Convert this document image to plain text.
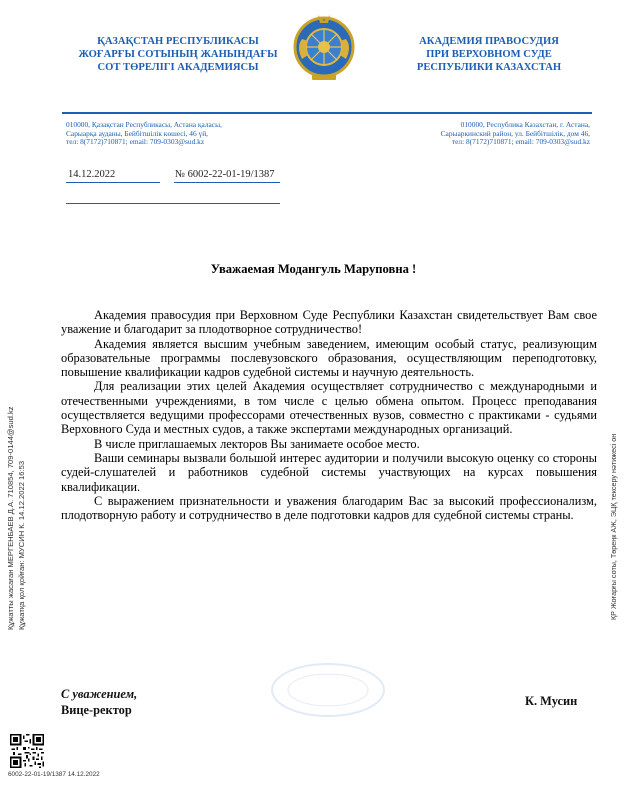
ҚАЗАҚСТАН РЕСПУБЛИКАСЫ
ЖОҒАРҒЫ СОТЫНЫҢ ЖАНЫНДАҒЫ
СОТ ТӨРЕЛІГІ АКАДЕМИЯСЫ
АКАДЕМИЯ ПРАВОСУДИЯ
ПРИ ВЕРХОВНОМ СУДЕ
РЕСПУБЛИКИ КАЗАХСТАН
010000, Қазақстан Республикасы, Астана қаласы,
Сарыарқа ауданы, Бейбітшілік көшесі, 46 үй,
тел: 8(7172)710871; email: 709-0303@sud.kz
010000, Республика Казахстан, г. Астана,
Сарыаркинский район, ул. Бейбітшілік, дом 46,
тел: 8(7172)710871; email: 709-0303@sud.kz
14.12.2022	№ 6002-22-01-19/1387
Уважаемая Модангуль Маруповна !

Академия правосудия при Верховном Суде Республики Казахстан свидетельствует Вам свое уважение и благодарит за плодотворное сотрудничество!

Академия является высшим учебным заведением, имеющим особый статус, реализующим образовательные программы послевузовского образования, осуществляющим переподготовку, повышение квалификации кадров судебной системы и научную деятельность.

Для реализации этих целей Академия осуществляет сотрудничество с международными и отечественными учреждениями, в том числе с целью обмена опытом. Процесс преподавания осуществляется ведущими профессорами отечественных вузов, совместно с практиками - судьями Верховного Суда и местных судов, а также экспертами международных организаций.

В числе приглашаемых лекторов Вы занимаете особое место.

Ваши семинары вызвали большой интерес аудитории и получили высокую оценку со стороны судей-слушателей и работников судебной системы участвующих на курсах повышения квалификации.

С выражением признательности и уважения благодарим Вас за высокий профессионализм, плодотворную работу и сотрудничество в деле подготовки кадров для судебной системы страны.

С уважением,
Вице-ректор
К. Мусин
Құжатты жасаған МЕРГЕНБАЕВ Д.А. 710854, 709-0144@sud.kz Құжатқа қол қойған: МУСИН К. 14.12.2022 16:53	ҚР Жоғарғы соты, Төреңк АЖ, ЭЦҚ тексеру нәтижесі он
6002-22-01-19/1387 14.12.2022
